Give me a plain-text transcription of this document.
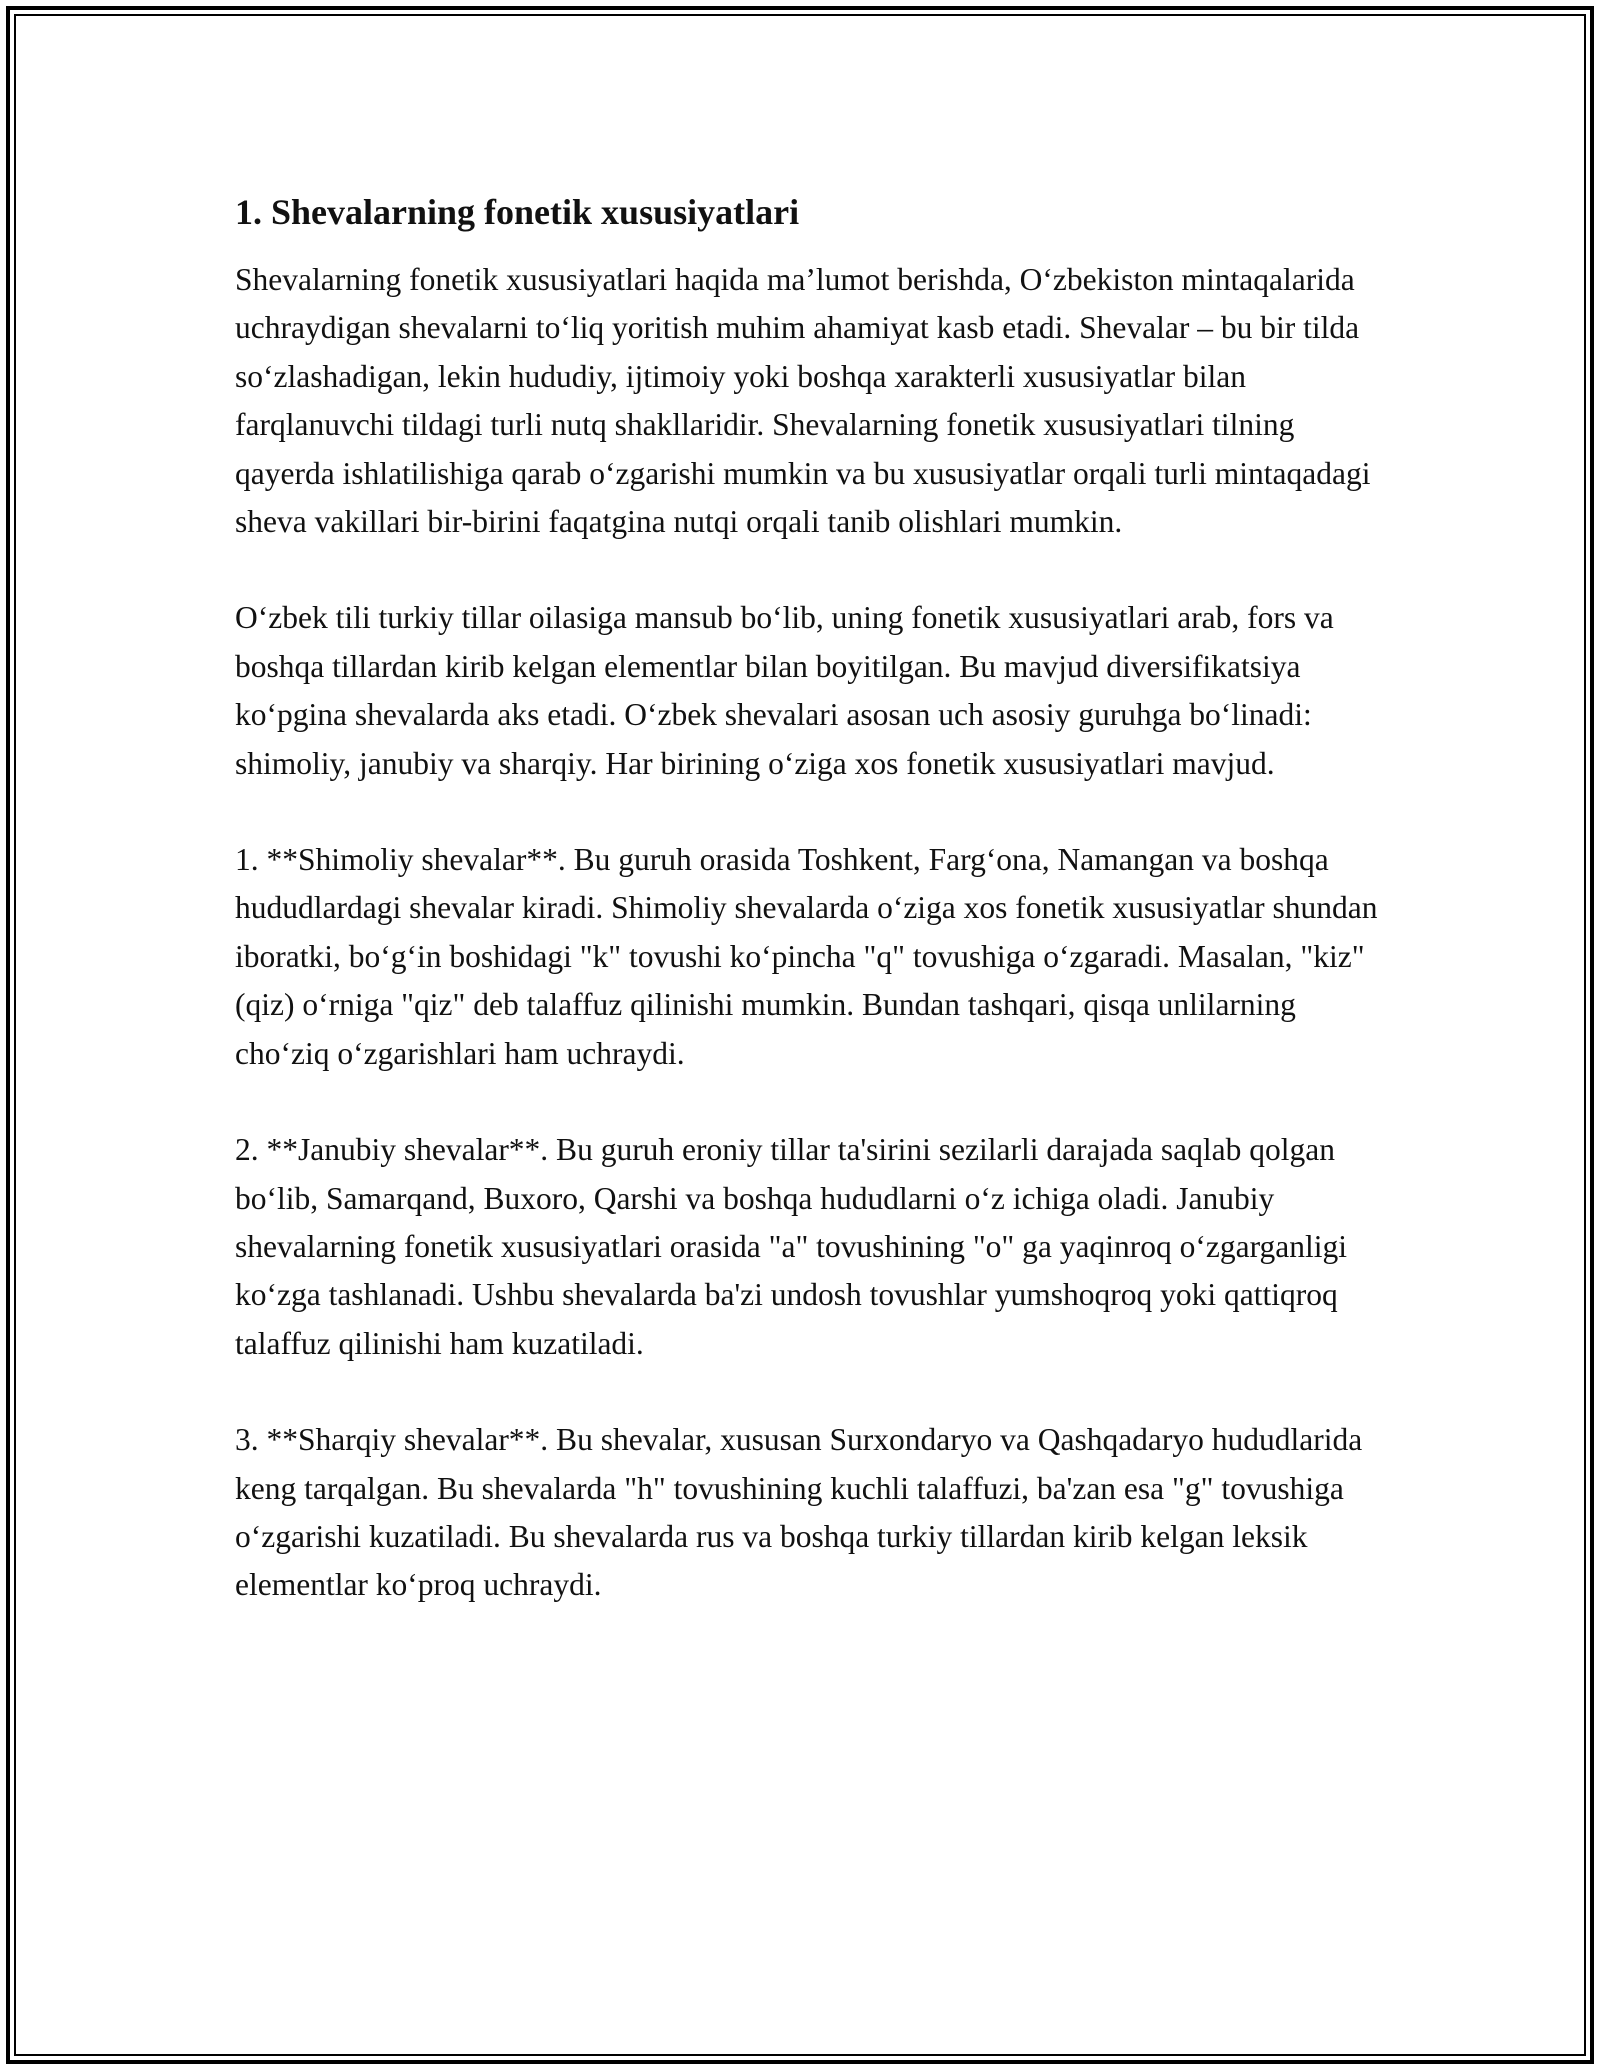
1. Shevalarning fonetik xususiyatlari

Shevalarning fonetik xususiyatlari haqida ma’lumot berishda, O‘zbekiston mintaqalarida uchraydigan shevalarni to‘liq yoritish muhim ahamiyat kasb etadi. Shevalar – bu bir tilda so‘zlashadigan, lekin hududiy, ijtimoiy yoki boshqa xarakterli xususiyatlar bilan farqlanuvchi tildagi turli nutq shakllaridir. Shevalarning fonetik xususiyatlari tilning qayerda ishlatilishiga qarab o‘zgarishi mumkin va bu xususiyatlar orqali turli mintaqadagi sheva vakillari bir-birini faqatgina nutqi orqali tanib olishlari mumkin.

O‘zbek tili turkiy tillar oilasiga mansub bo‘lib, uning fonetik xususiyatlari arab, fors va boshqa tillardan kirib kelgan elementlar bilan boyitilgan. Bu mavjud diversifikatsiya ko‘pgina shevalarda aks etadi. O‘zbek shevalari asosan uch asosiy guruhga bo‘linadi: shimoliy, janubiy va sharqiy. Har birining o‘ziga xos fonetik xususiyatlari mavjud.

1. **Shimoliy shevalar**. Bu guruh orasida Toshkent, Farg‘ona, Namangan va boshqa hududlardagi shevalar kiradi. Shimoliy shevalarda o‘ziga xos fonetik xususiyatlar shundan iboratki, bo‘g‘in boshidagi "k" tovushi ko‘pincha "q" tovushiga o‘zgaradi. Masalan, "kiz" (qiz) o‘rniga "qiz" deb talaffuz qilinishi mumkin. Bundan tashqari, qisqa unlilarning cho‘ziq o‘zgarishlari ham uchraydi.

2. **Janubiy shevalar**. Bu guruh eroniy tillar ta'sirini sezilarli darajada saqlab qolgan bo‘lib, Samarqand, Buxoro, Qarshi va boshqa hududlarni o‘z ichiga oladi. Janubiy shevalarning fonetik xususiyatlari orasida "a" tovushining "o" ga yaqinroq o‘zgarganligi ko‘zga tashlanadi. Ushbu shevalarda ba'zi undosh tovushlar yumshoqroq yoki qattiqroq talaffuz qilinishi ham kuzatiladi.

3. **Sharqiy shevalar**. Bu shevalar, xususan Surxondaryo va Qashqadaryo hududlarida keng tarqalgan. Bu shevalarda "h" tovushining kuchli talaffuzi, ba'zan esa "g" tovushiga o‘zgarishi kuzatiladi. Bu shevalarda rus va boshqa turkiy tillardan kirib kelgan leksik elementlar ko‘proq uchraydi.
